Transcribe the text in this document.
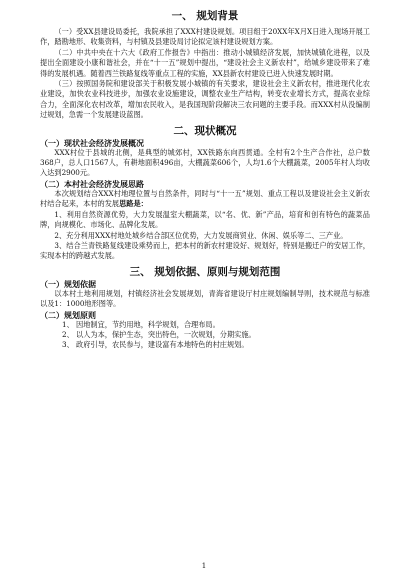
一、 规划背景

（一）受XX县建设局委托，我院承担了XXX村建设规划。项目组于20XX年X月X日进入现场开展工作，踏勘地形、收集资料，与村镇及县建设局讨论拟定该村建设规划方案。

（二）中共中央在十六大《政府工作报告》中指出：推动小城镇经济发展，加快城镇化进程，以及提出全面建设小康和谐社会，并在“十一五”规划中提出，“建设社会主义新农村”，给城乡建设带来了难得的发展机遇。随着西兰铁路复线等重点工程的实施，XX县新农村建设已进入快速发展时期。

（三）按照国务院和建设部关于积极发展小城镇的有关要求，建设社会主义新农村，推进现代化农业建设，加快农业科技进步，加强农业设施建设，调整农业生产结构，转变农业增长方式，提高农业综合力，全面深化农村改革，增加农民收入，是我国现阶段解决三农问题的主要手段。而XXX村从没编制过规划，急需一个发展建设蓝图。

二、现状概况
（一）现状社会经济发展概况

XXX村位于县城的北侧，是典型的城郊村，XX铁路东向西贯通。全村有2个生产合作社，总户数368户，总人口1567人，有耕地面积496亩，大棚蔬菜606个，人均1.6个大棚蔬菜，2005年村人均收入达到2900元。

（二）本村社会经济发展思路

本次规划结合XXX村地理位置与自然条件，同时与“十一五”规划、重点工程以及建设社会主义新农村结合起来，本村的发展思路是：

1、利用自然资源优势，大力发展温室大棚蔬菜，以“名、优、新”产品，培育和创有特色的蔬菜品牌，向规模化、市场化、品牌化发展。

2、充分利用XXX村地处城乡结合部区位优势，大力发展商贸业、休闲、娱乐等二、三产业。

3、结合兰青铁路复线建设乘势而上，把本村的新农村建设好、规划好，特别是搬迁户的安居工作，实现本村的跨越式发展。

三、 规划依据、原则与规划范围
（一）规划依据

以本村土地利用规划，村镇经济社会发展规划，青海省建设厅村庄规划编制导则，技术规范与标准以及1：1000地形图等。

（二）规划原则

1、 因地制宜，节约用地，科学规划，合理布局。

2、 以人为本，保护生态，突出特色，一次规划，分期实施。

3、 政府引导，农民参与，建设富有本地特色的村庄规划。

1
